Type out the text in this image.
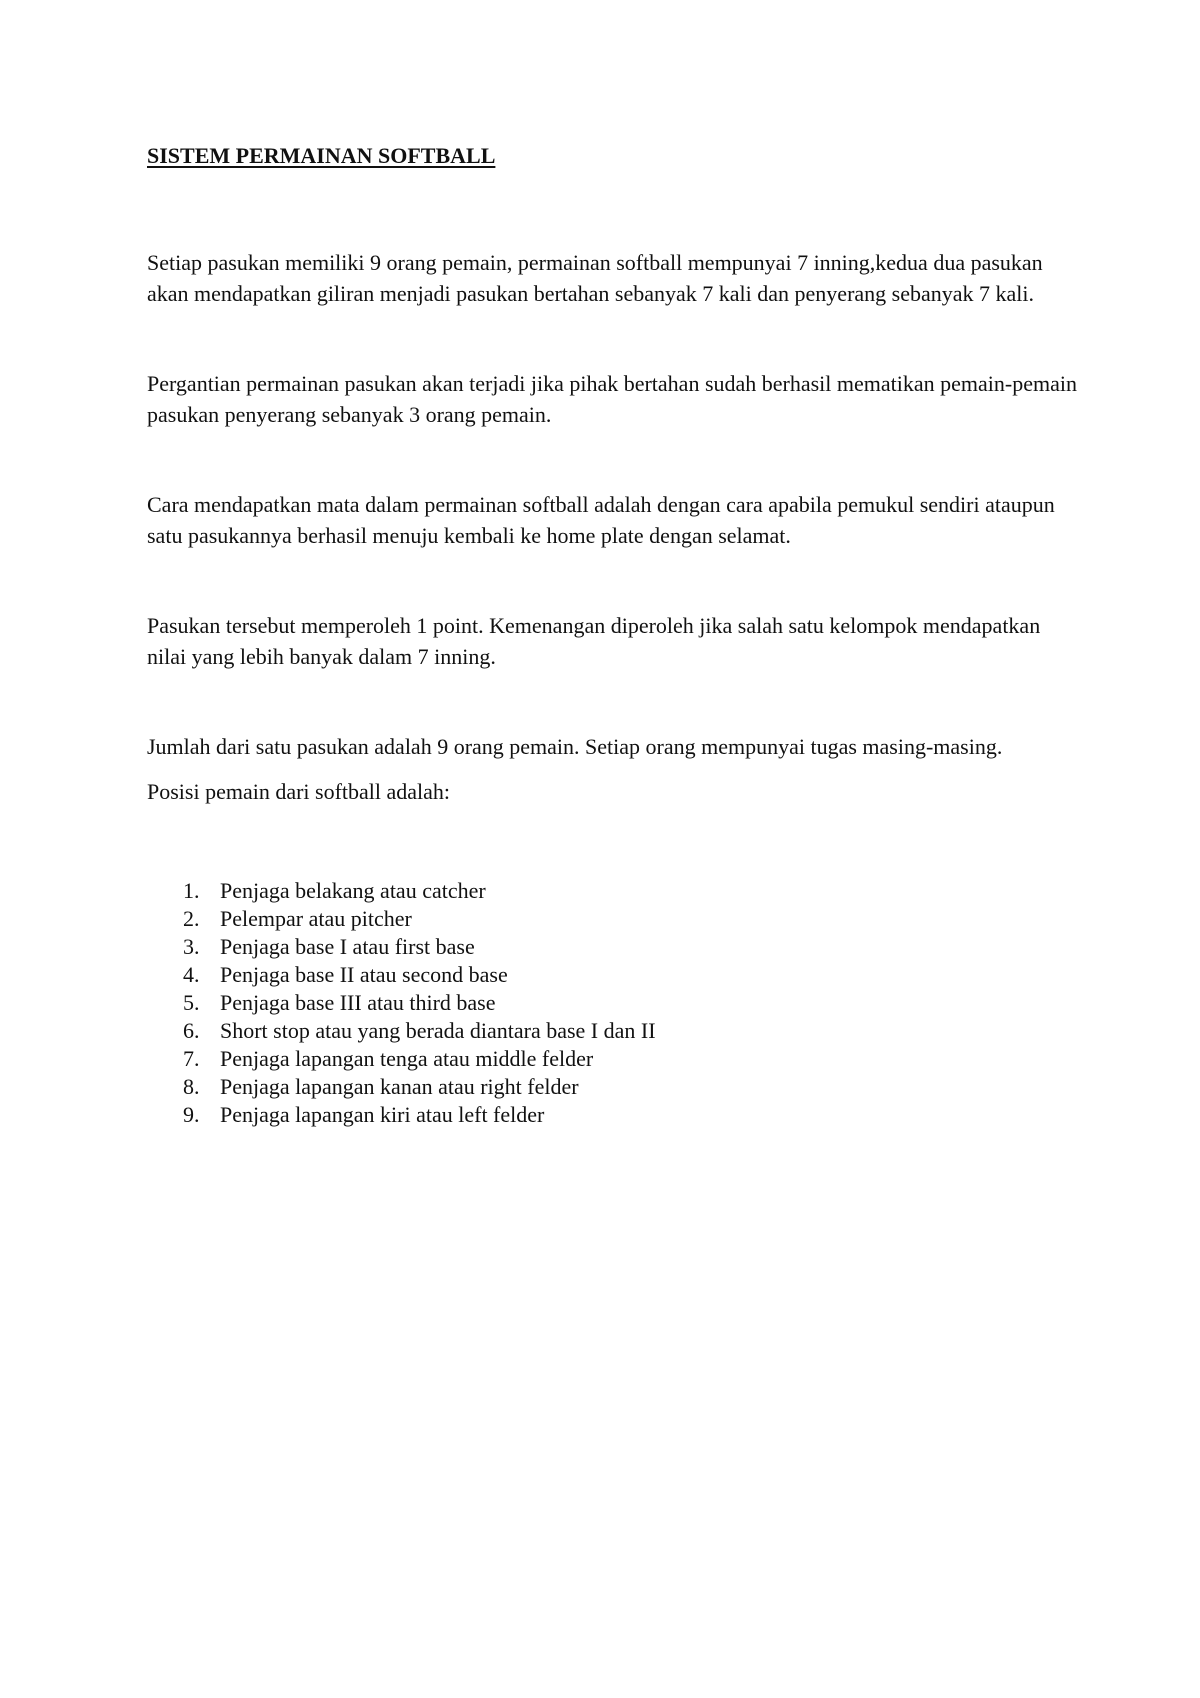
SISTEM PERMAINAN SOFTBALL

Setiap pasukan memiliki 9 orang pemain, permainan softball mempunyai 7 inning,kedua dua pasukan akan mendapatkan giliran menjadi pasukan bertahan sebanyak 7 kali dan penyerang sebanyak 7 kali.

Pergantian permainan pasukan akan terjadi jika pihak bertahan sudah berhasil mematikan pemain-pemain pasukan penyerang sebanyak 3 orang pemain.

Cara mendapatkan mata dalam permainan softball adalah dengan cara apabila pemukul sendiri ataupun satu pasukannya berhasil menuju kembali ke home plate dengan selamat.

Pasukan tersebut memperoleh 1 point. Kemenangan diperoleh jika salah satu kelompok mendapatkan nilai yang lebih banyak dalam 7 inning.

Jumlah dari satu pasukan adalah 9 orang pemain. Setiap orang mempunyai tugas masing-masing.

Posisi pemain dari softball adalah:

1. Penjaga belakang atau catcher
2. Pelempar atau pitcher
3. Penjaga base I atau first base
4. Penjaga base II atau second base
5. Penjaga base III atau third base
6. Short stop atau yang berada diantara base I dan II
7. Penjaga lapangan tenga atau middle felder
8. Penjaga lapangan kanan atau right felder
9. Penjaga lapangan kiri atau left felder
